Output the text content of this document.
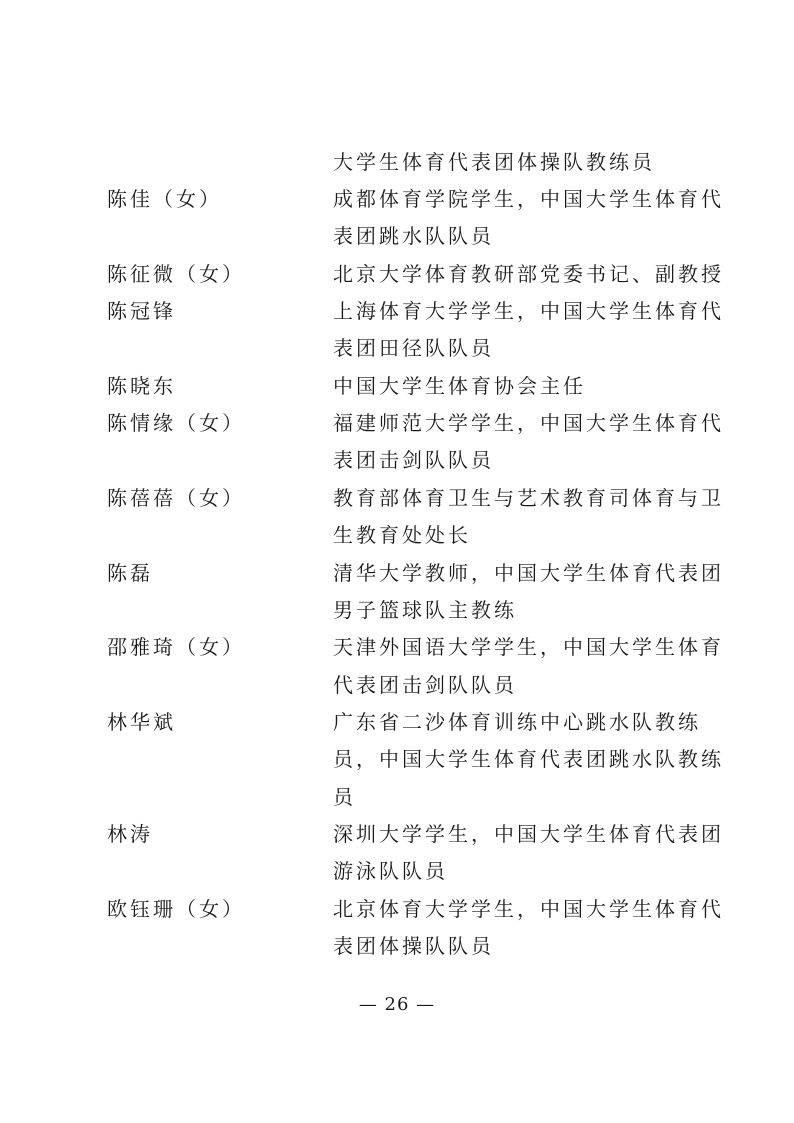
大学生体育代表团体操队教练员
陈佳（女）	成都体育学院学生，中国大学生体育代
表团跳水队队员
陈征微（女）	北京大学体育教研部党委书记、副教授
陈冠锋	上海体育大学学生，中国大学生体育代
表团田径队队员
陈晓东	中国大学生体育协会主任
陈情缘（女）	福建师范大学学生，中国大学生体育代
表团击剑队队员
陈蓓蓓（女）	教育部体育卫生与艺术教育司体育与卫
生教育处处长
陈磊	清华大学教师，中国大学生体育代表团
男子篮球队主教练
邵雅琦（女）	天津外国语大学学生，中国大学生体育
代表团击剑队队员
林华斌	广东省二沙体育训练中心跳水队教练
员，中国大学生体育代表团跳水队教练
员
林涛	深圳大学学生，中国大学生体育代表团
游泳队队员
欧钰珊（女）	北京体育大学学生，中国大学生体育代
表团体操队队员
— 26 —
